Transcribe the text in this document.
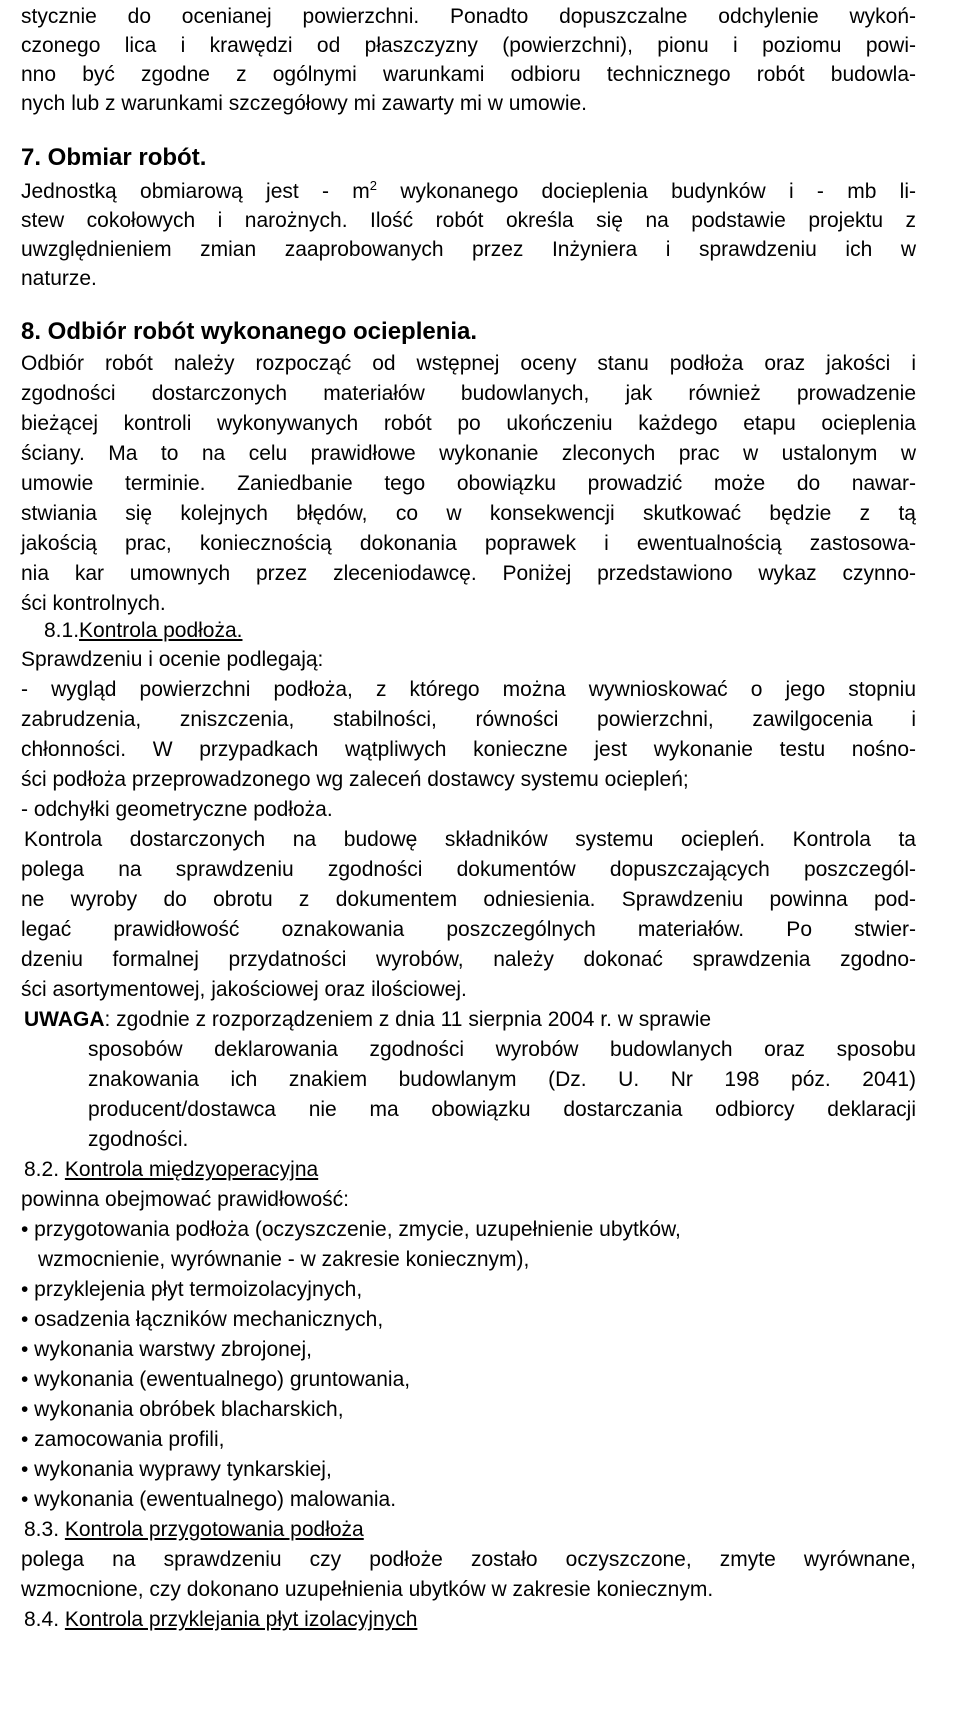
stycznie do ocenianej powierzchni. Ponadto dopuszczalne odchylenie wykoń-
czonego lica i krawędzi od płaszczyzny (powierzchni), pionu i poziomu powi-
nno być zgodne z ogólnymi warunkami odbioru technicznego robót budowla-
nych lub z warunkami szczegółowy mi zawarty mi w umowie.
7. Obmiar robót.
Jednostką obmiarową jest - $m^2$ wykonanego docieplenia budynków i - mb li-
stew cokołowych i narożnych. Ilość robót określa się na podstawie projektu z
uwzględnieniem zmian zaaprobowanych przez Inżyniera i sprawdzeniu ich w
naturze.
8. Odbiór robót wykonanego ocieplenia.
Odbiór robót należy rozpocząć od wstępnej oceny stanu podłoża oraz jakości i
zgodności dostarczonych materiałów budowlanych, jak również prowadzenie
bieżącej kontroli wykonywanych robót po ukończeniu każdego etapu ocieplenia
ściany. Ma to na celu prawidłowe wykonanie zleconych prac w ustalonym w
umowie terminie. Zaniedbanie tego obowiązku prowadzić może do nawar-
stwiania się kolejnych błędów, co w konsekwencji skutkować będzie z tą
jakością prac, koniecznością dokonania poprawek i ewentualnością zastosowa-
nia kar umownych przez zleceniodawcę. Poniżej przedstawiono wykaz czynno-
ści kontrolnych.
8.1.Kontrola podłoża.
Sprawdzeniu i ocenie podlegają:
- wygląd powierzchni podłoża, z którego można wywnioskować o jego stopniu
zabrudzenia, zniszczenia, stabilności, równości powierzchni, zawilgocenia i
chłonności. W przypadkach wątpliwych konieczne jest wykonanie testu nośno-
ści podłoża przeprowadzonego wg zaleceń dostawcy systemu ociepleń;
- odchyłki geometryczne podłoża.
Kontrola dostarczonych na budowę składników systemu ociepleń. Kontrola ta
polega na sprawdzeniu zgodności dokumentów dopuszczających poszczegól-
ne wyroby do obrotu z dokumentem odniesienia. Sprawdzeniu powinna pod-
legać prawidłowość oznakowania poszczególnych materiałów. Po stwier-
dzeniu formalnej przydatności wyrobów, należy dokonać sprawdzenia zgodno-
ści asortymentowej, jakościowej oraz ilościowej.
UWAGA: zgodnie z rozporządzeniem z dnia 11 sierpnia 2004 r. w sprawie
sposobów deklarowania zgodności wyrobów budowlanych oraz sposobu
znakowania ich znakiem budowlanym (Dz. U. Nr 198 póz. 2041)
producent/dostawca nie ma obowiązku dostarczania odbiorcy deklaracji
zgodności.
8.2. Kontrola międzyoperacyjna
powinna obejmować prawidłowość:
• przygotowania podłoża (oczyszczenie, zmycie, uzupełnienie ubytków,
wzmocnienie, wyrównanie - w zakresie koniecznym),
• przyklejenia płyt termoizolacyjnych,
• osadzenia łączników mechanicznych,
• wykonania warstwy zbrojonej,
• wykonania (ewentualnego) gruntowania,
• wykonania obróbek blacharskich,
• zamocowania profili,
• wykonania wyprawy tynkarskiej,
• wykonania (ewentualnego) malowania.
8.3. Kontrola przygotowania podłoża
polega na sprawdzeniu czy podłoże zostało oczyszczone, zmyte wyrównane,
wzmocnione, czy dokonano uzupełnienia ubytków w zakresie koniecznym.
8.4. Kontrola przyklejania płyt izolacyjnych
